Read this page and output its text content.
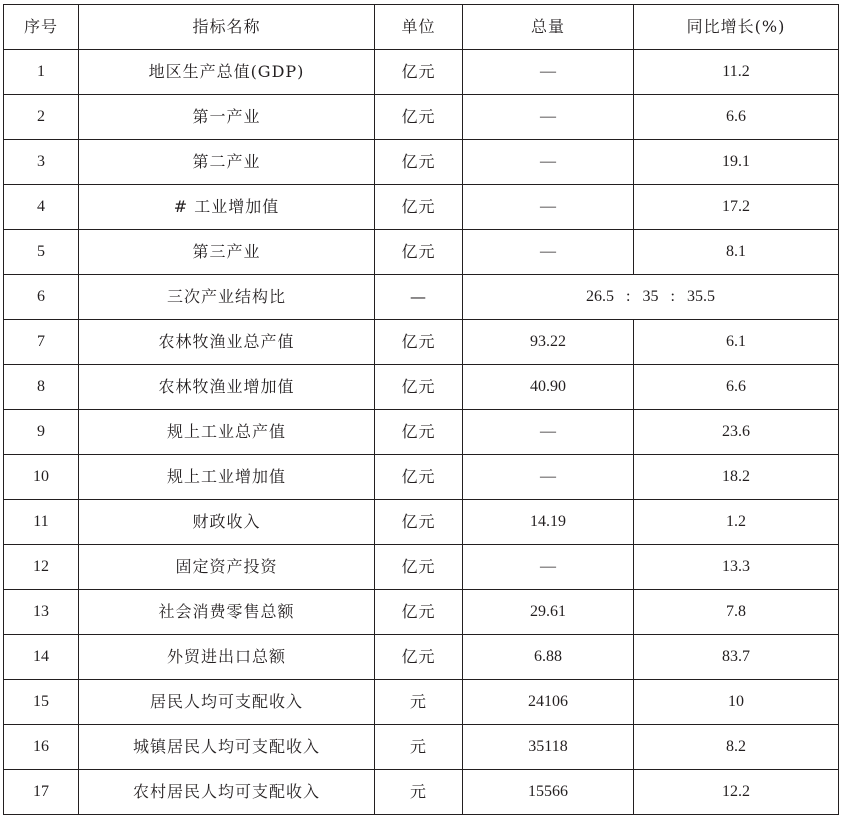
序号	指标名称	单位	总量	同比增长(%)
1	地区生产总值(GDP)	亿元	—	11.2
2	第一产业	亿元	—	6.6
3	第二产业	亿元	—	19.1
4	# 工业增加值	亿元	—	17.2
5	第三产业	亿元	—	8.1
6	三次产业结构比	—	26.5 : 35 : 35.5	
7	农林牧渔业总产值	亿元	93.22	6.1
8	农林牧渔业增加值	亿元	40.90	6.6
9	规上工业总产值	亿元	—	23.6
10	规上工业增加值	亿元	—	18.2
11	财政收入	亿元	14.19	1.2
12	固定资产投资	亿元	—	13.3
13	社会消费零售总额	亿元	29.61	7.8
14	外贸进出口总额	亿元	6.88	83.7
15	居民人均可支配收入	元	24106	10
16	城镇居民人均可支配收入	元	35118	8.2
17	农村居民人均可支配收入	元	15566	12.2
